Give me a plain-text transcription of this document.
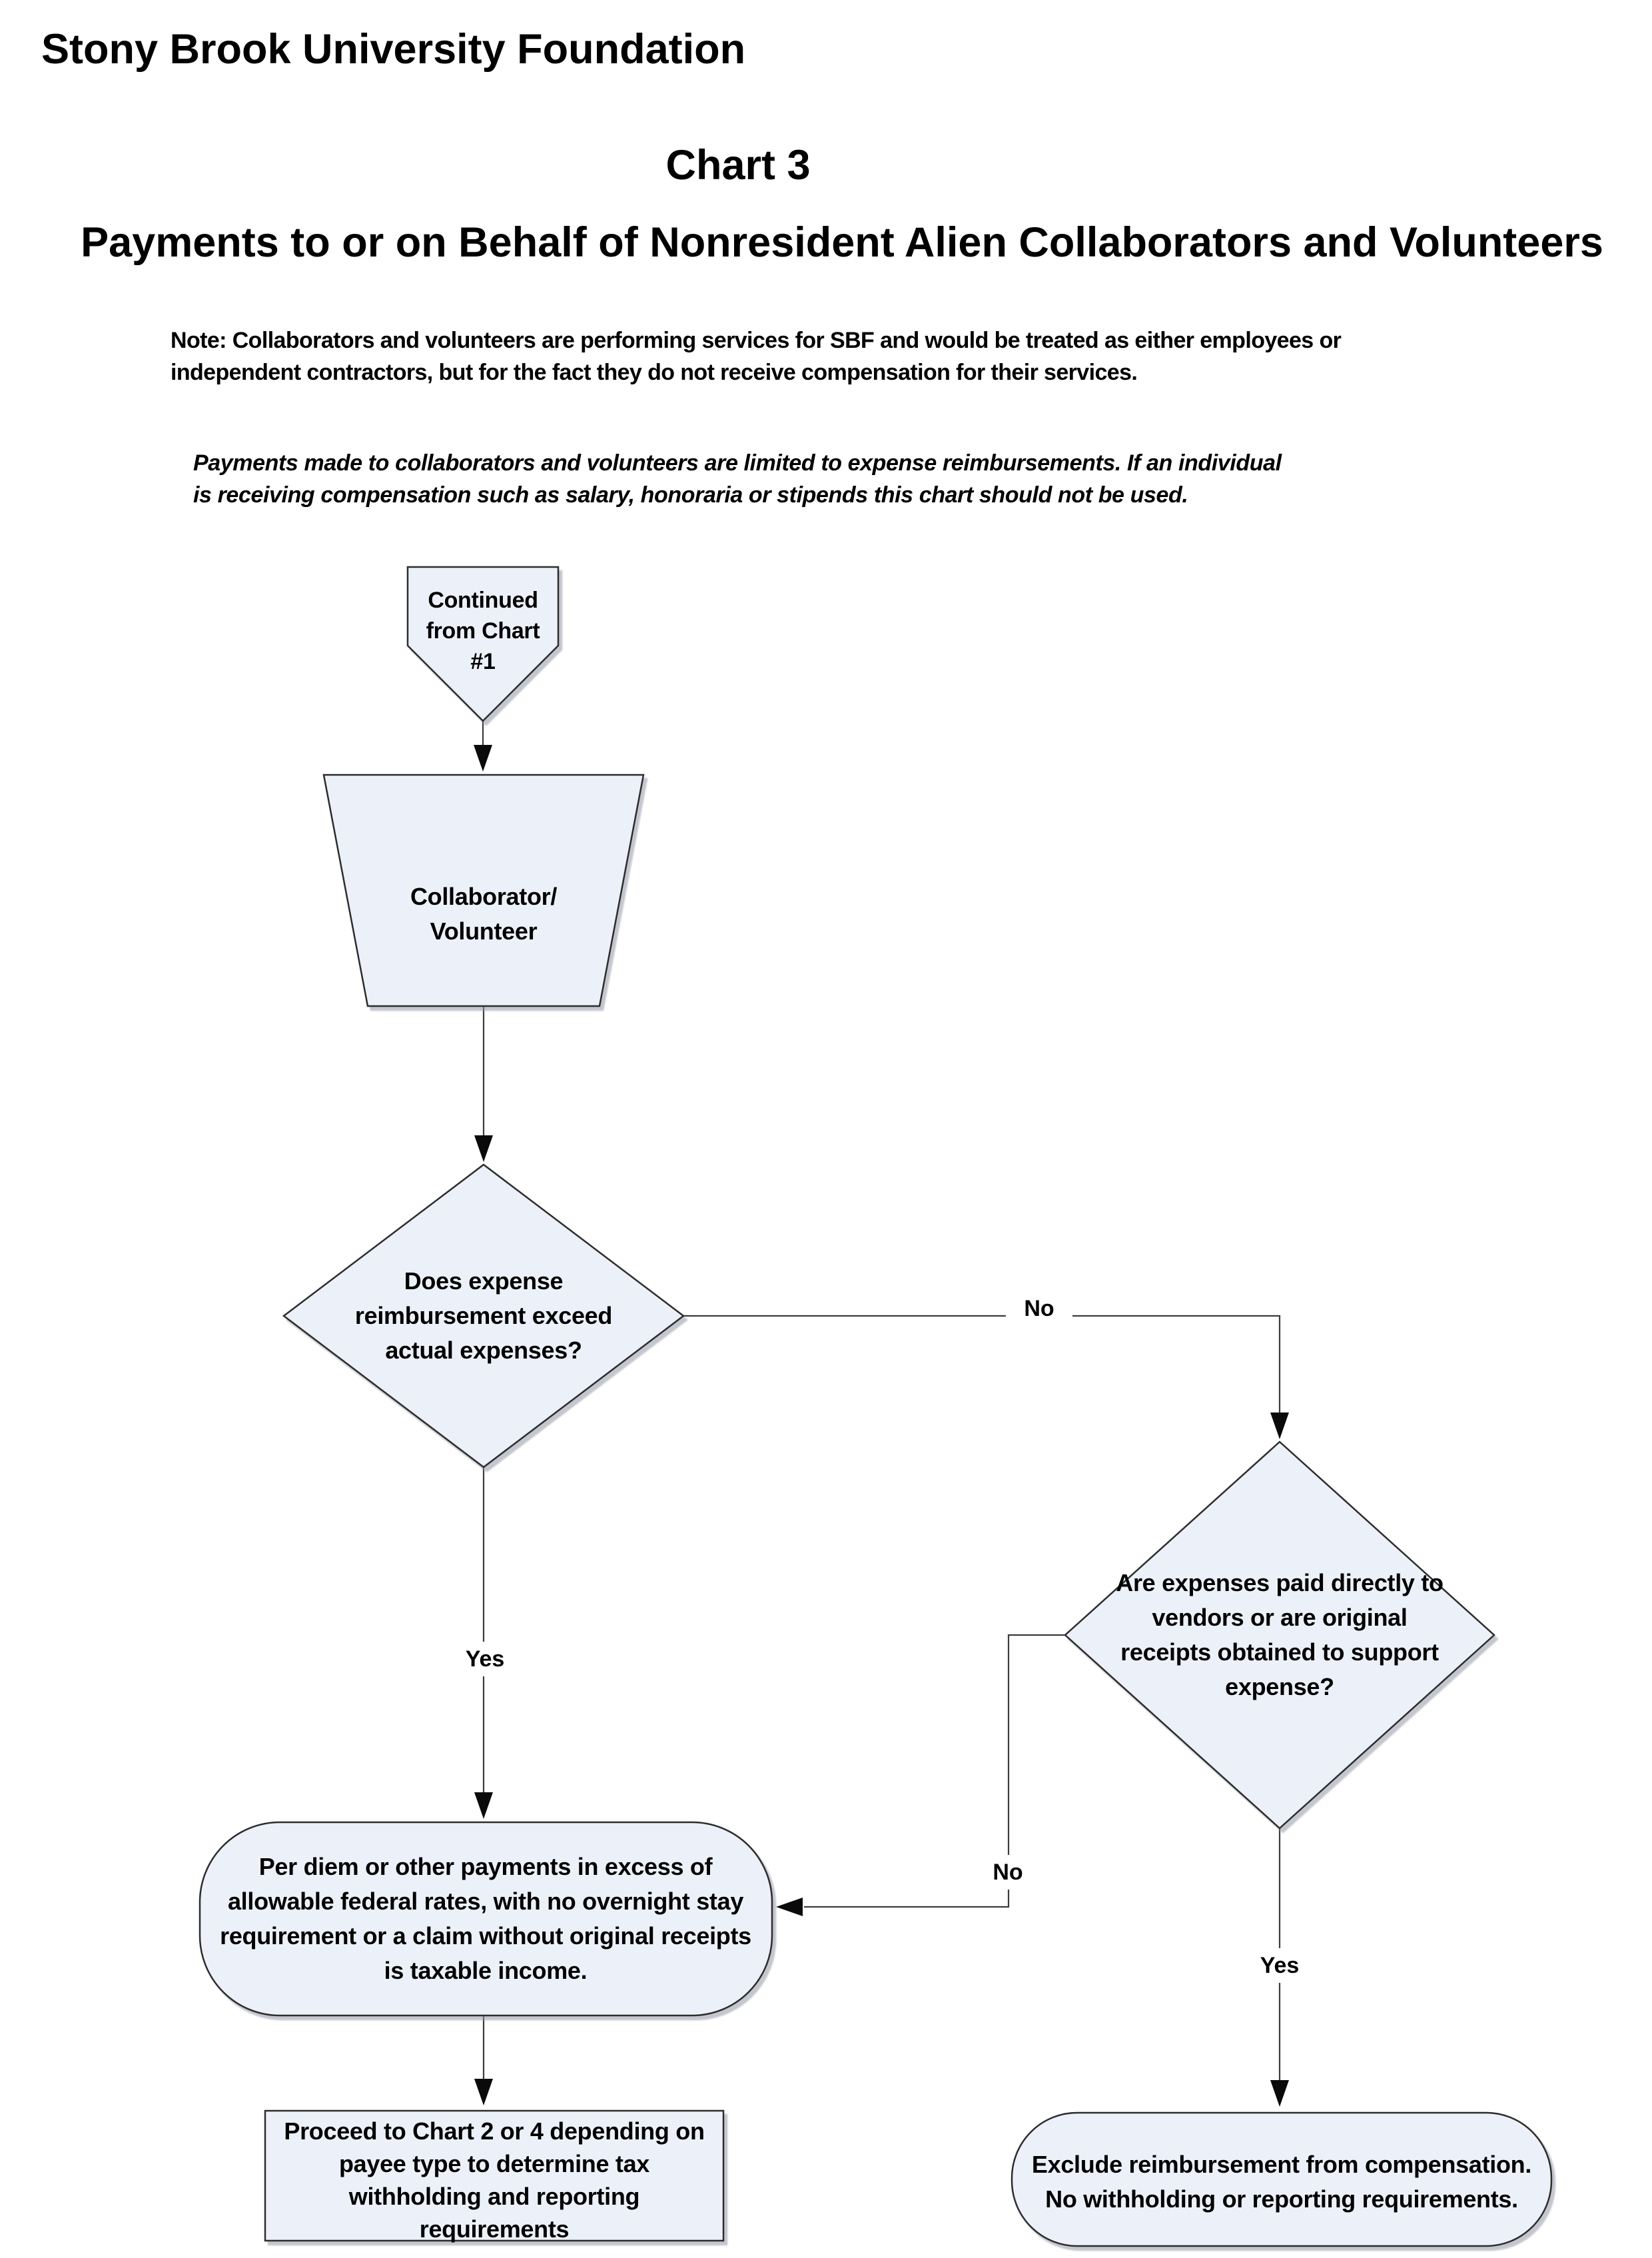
Stony Brook University Foundation
Chart 3
Payments to or on Behalf of Nonresident Alien Collaborators and Volunteers
Note: Collaborators and volunteers are performing services for SBF and would be treated as either employees or
independent contractors, but for the fact they do not receive compensation for their services.
Payments made to collaborators and volunteers are limited to expense reimbursements. If an individual
is receiving compensation such as salary, honoraria or stipends this chart should not be used.
Continued
from Chart
#1
Collaborator/
Volunteer
Does expense
reimbursement exceed
actual expenses?
Are expenses paid directly to
vendors or are original
receipts obtained to support
expense?
Per diem or other payments in excess of
allowable federal rates, with no overnight stay
requirement or a claim without original receipts
is taxable income.
Proceed to Chart 2 or 4 depending on
payee type to determine tax
withholding and reporting
requirements
Exclude reimbursement from compensation.
No withholding or reporting requirements.
No
Yes
No
Yes
